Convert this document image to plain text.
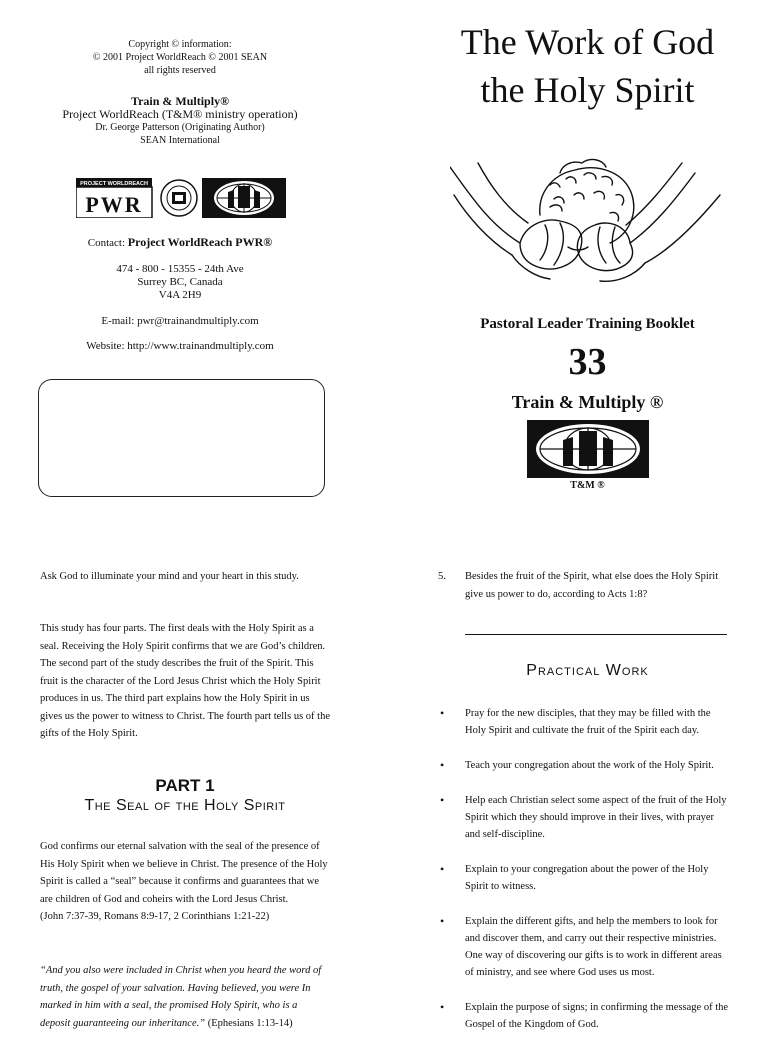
Copyright © information:
© 2001 Project WorldReach © 2001 SEAN
all rights reserved
Train & Multiply®
Project WorldReach (T&M® ministry operation)
Dr. George Patterson (Originating Author)
SEAN International
PROJECT WORLDREACH
PWR
Contact: Project WorldReach PWR®
474 - 800 - 15355 - 24th Ave
Surrey BC, Canada
V4A 2H9
E-mail: pwr@trainandmultiply.com
Website: http://www.trainandmultiply.com
The Work of God
the Holy Spirit
Pastoral Leader Training Booklet
33
Train & Multiply ®
T&M ®
Ask God to illuminate your mind and your heart in this study.
This study has four parts. The first deals with the Holy Spirit as a seal. Receiving the Holy Spirit confirms that we are God’s children. The second part of the study describes the fruit of the Spirit. This fruit is the character of the Lord Jesus Christ which the Holy Spirit produces in us. The third part explains how the Holy Spirit in us gives us the power to witness to Christ. The fourth part tells us of the gifts of the Holy Spirit.
PART 1
The Seal of the Holy Spirit
God confirms our eternal salvation with the seal of the presence of His Holy Spirit when we believe in Christ. The presence of the Holy Spirit is called a “seal” because it confirms and guarantees that we are children of God and coheirs with the Lord Jesus Christ.
(John 7:37-39, Romans 8:9-17, 2 Corinthians 1:21-22)
“And you also were included in Christ when you heard the word of truth, the gospel of your salvation. Having believed, you were In marked in him with a seal, the promised Holy Spirit, who is a deposit guaranteeing our inheritance.” (Ephesians 1:13-14)
5. Besides the fruit of the Spirit, what else does the Holy Spirit give us power to do, according to Acts 1:8?
Practical Work
• Pray for the new disciples, that they may be filled with the Holy Spirit and cultivate the fruit of the Spirit each day.
• Teach your congregation about the work of the Holy Spirit.
• Help each Christian select some aspect of the fruit of the Holy Spirit which they should improve in their lives, with prayer and self-discipline.
• Explain to your congregation about the power of the Holy Spirit to witness.
• Explain the different gifts, and help the members to look for and discover them, and carry out their respective ministries. One way of discovering our gifts is to work in different areas of ministry, and see where God uses us most.
• Explain the purpose of signs; in confirming the message of the Gospel of the Kingdom of God.
